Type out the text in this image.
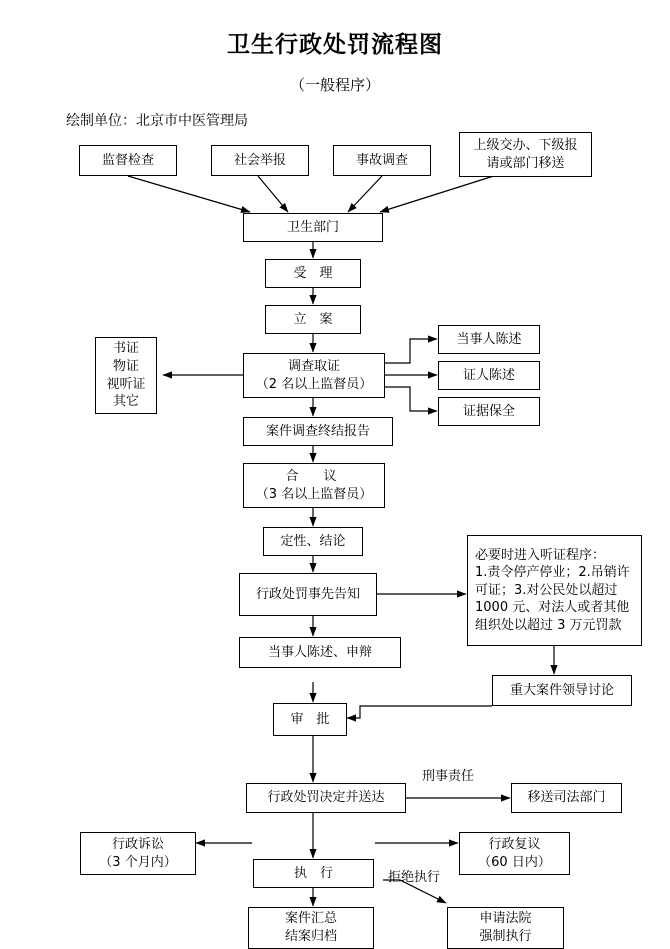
卫生行政处罚流程图
（一般程序）
绘制单位：北京市中医管理局
监督检查	社会举报	事故调查
上级交办、下级报
请或部门移送
卫生部门
受　理
立　案
调查取证
（2 名以上监督员）
书证
物证
视听证
其它
当事人陈述
证人陈述
证据保全
案件调查终结报告
合　议
（3 名以上监督员）
定性、结论
行政处罚事先告知
必要时进入听证程序：
1.责令停产停业；2.吊销许
可证；3.对公民处以超过
1000 元、对法人或者其他
组织处以超过 3 万元罚款
当事人陈述、申辩
重大案件领导讨论
审　批
行政处罚决定并送达	移送司法部门
行政诉讼
（3 个月内）
执　行
行政复议
（60 日内）
案件汇总
结案归档
申请法院
强制执行
刑事责任
拒绝执行
